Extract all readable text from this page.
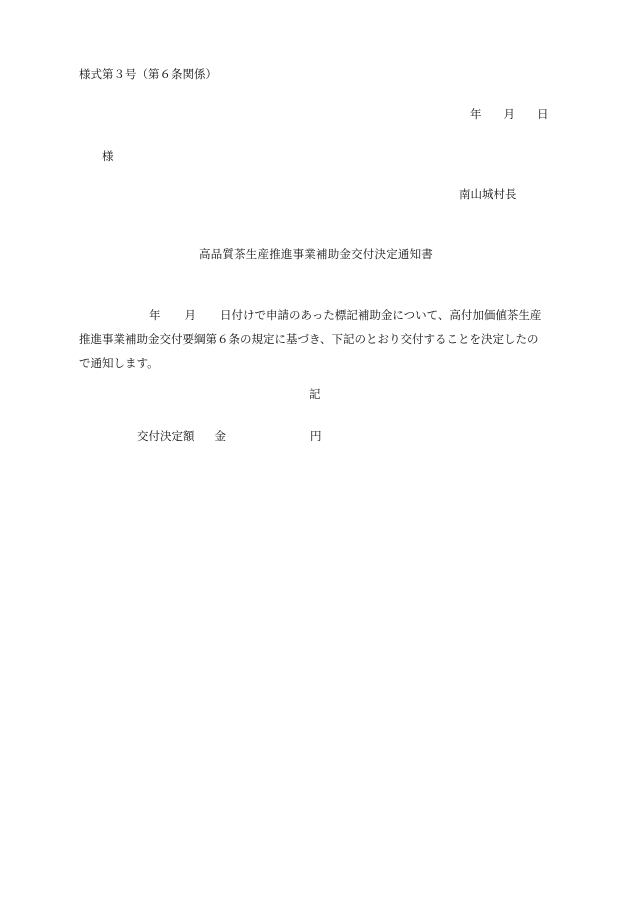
様式第３号（第６条関係）
年 月 日
様
南山城村長
高品質茶生産推進事業補助金交付決定通知書
年 月 日付けで申請のあった標記補助金について、高付加価値茶生産
推進事業補助金交付要綱第６条の規定に基づき、下記のとおり交付することを決定したの
で通知します。
記
交付決定額 金	円
